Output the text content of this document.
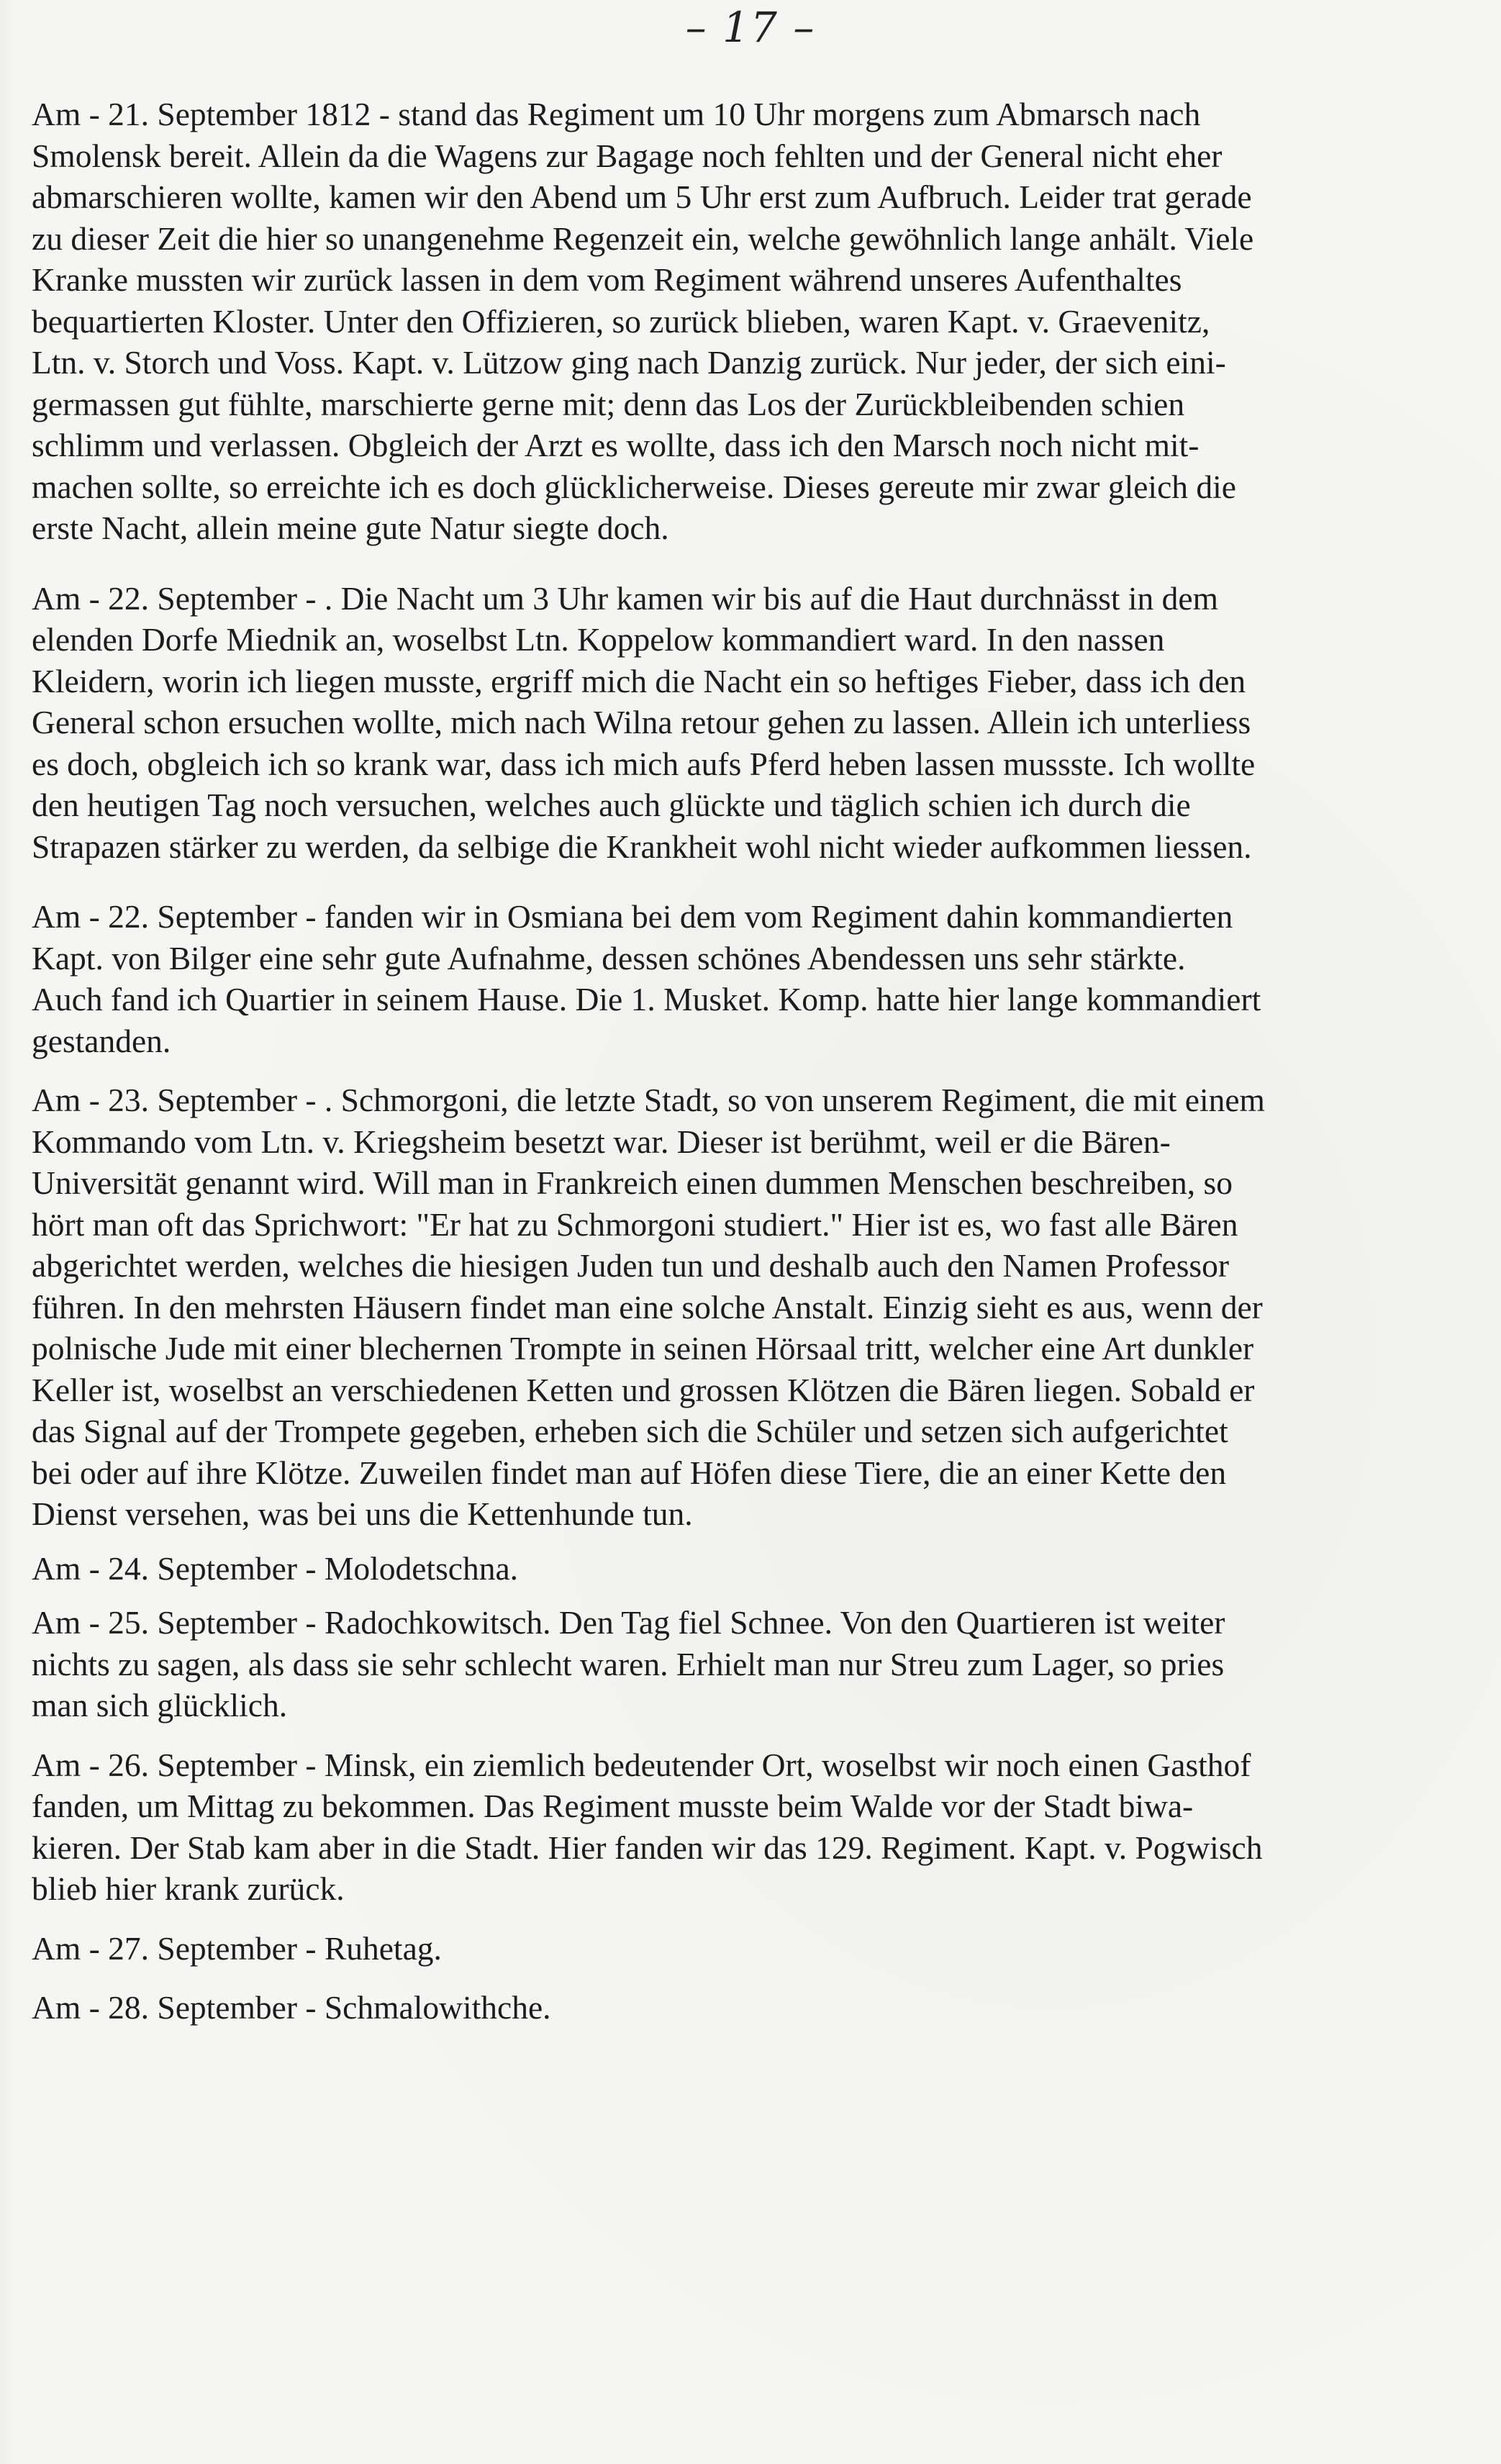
– 17 –

Am - 21. September 1812 - stand das Regiment um 10 Uhr morgens zum Abmarsch nach
Smolensk bereit. Allein da die Wagens zur Bagage noch fehlten und der General nicht eher
abmarschieren wollte, kamen wir den Abend um 5 Uhr erst zum Aufbruch. Leider trat gerade
zu dieser Zeit die hier so unangenehme Regenzeit ein, welche gewöhnlich lange anhält. Viele
Kranke mussten wir zurück lassen in dem vom Regiment während unseres Aufenthaltes
bequartierten Kloster. Unter den Offizieren, so zurück blieben, waren Kapt. v. Graevenitz,
Ltn. v. Storch und Voss. Kapt. v. Lützow ging nach Danzig zurück. Nur jeder, der sich eini-
germassen gut fühlte, marschierte gerne mit; denn das Los der Zurückbleibenden schien
schlimm und verlassen. Obgleich der Arzt es wollte, dass ich den Marsch noch nicht mit-
machen sollte, so erreichte ich es doch glücklicherweise. Dieses gereute mir zwar gleich die
erste Nacht, allein meine gute Natur siegte doch.

Am - 22. September - . Die Nacht um 3 Uhr kamen wir bis auf die Haut durchnässt in dem
elenden Dorfe Miednik an, woselbst Ltn. Koppelow kommandiert ward. In den nassen
Kleidern, worin ich liegen musste, ergriff mich die Nacht ein so heftiges Fieber, dass ich den
General schon ersuchen wollte, mich nach Wilna retour gehen zu lassen. Allein ich unterliess
es doch, obgleich ich so krank war, dass ich mich aufs Pferd heben lassen mussste. Ich wollte
den heutigen Tag noch versuchen, welches auch glückte und täglich schien ich durch die
Strapazen stärker zu werden, da selbige die Krankheit wohl nicht wieder aufkommen liessen.

Am - 22. September - fanden wir in Osmiana bei dem vom Regiment dahin kommandierten
Kapt. von Bilger eine sehr gute Aufnahme, dessen schönes Abendessen uns sehr stärkte.
Auch fand ich Quartier in seinem Hause. Die 1. Musket. Komp. hatte hier lange kommandiert
gestanden.

Am - 23. September - . Schmorgoni, die letzte Stadt, so von unserem Regiment, die mit einem
Kommando vom Ltn. v. Kriegsheim besetzt war. Dieser ist berühmt, weil er die Bären-
Universität genannt wird. Will man in Frankreich einen dummen Menschen beschreiben, so
hört man oft das Sprichwort: "Er hat zu Schmorgoni studiert." Hier ist es, wo fast alle Bären
abgerichtet werden, welches die hiesigen Juden tun und deshalb auch den Namen Professor
führen. In den mehrsten Häusern findet man eine solche Anstalt. Einzig sieht es aus, wenn der
polnische Jude mit einer blechernen Trompte in seinen Hörsaal tritt, welcher eine Art dunkler
Keller ist, woselbst an verschiedenen Ketten und grossen Klötzen die Bären liegen. Sobald er
das Signal auf der Trompete gegeben, erheben sich die Schüler und setzen sich aufgerichtet
bei oder auf ihre Klötze. Zuweilen findet man auf Höfen diese Tiere, die an einer Kette den
Dienst versehen, was bei uns die Kettenhunde tun.

Am - 24. September - Molodetschna.

Am - 25. September - Radochkowitsch. Den Tag fiel Schnee. Von den Quartieren ist weiter
nichts zu sagen, als dass sie sehr schlecht waren. Erhielt man nur Streu zum Lager, so pries
man sich glücklich.

Am - 26. September - Minsk, ein ziemlich bedeutender Ort, woselbst wir noch einen Gasthof
fanden, um Mittag zu bekommen. Das Regiment musste beim Walde vor der Stadt biwa-
kieren. Der Stab kam aber in die Stadt. Hier fanden wir das 129. Regiment. Kapt. v. Pogwisch
blieb hier krank zurück.

Am - 27. September - Ruhetag.

Am - 28. September - Schmalowithche.
